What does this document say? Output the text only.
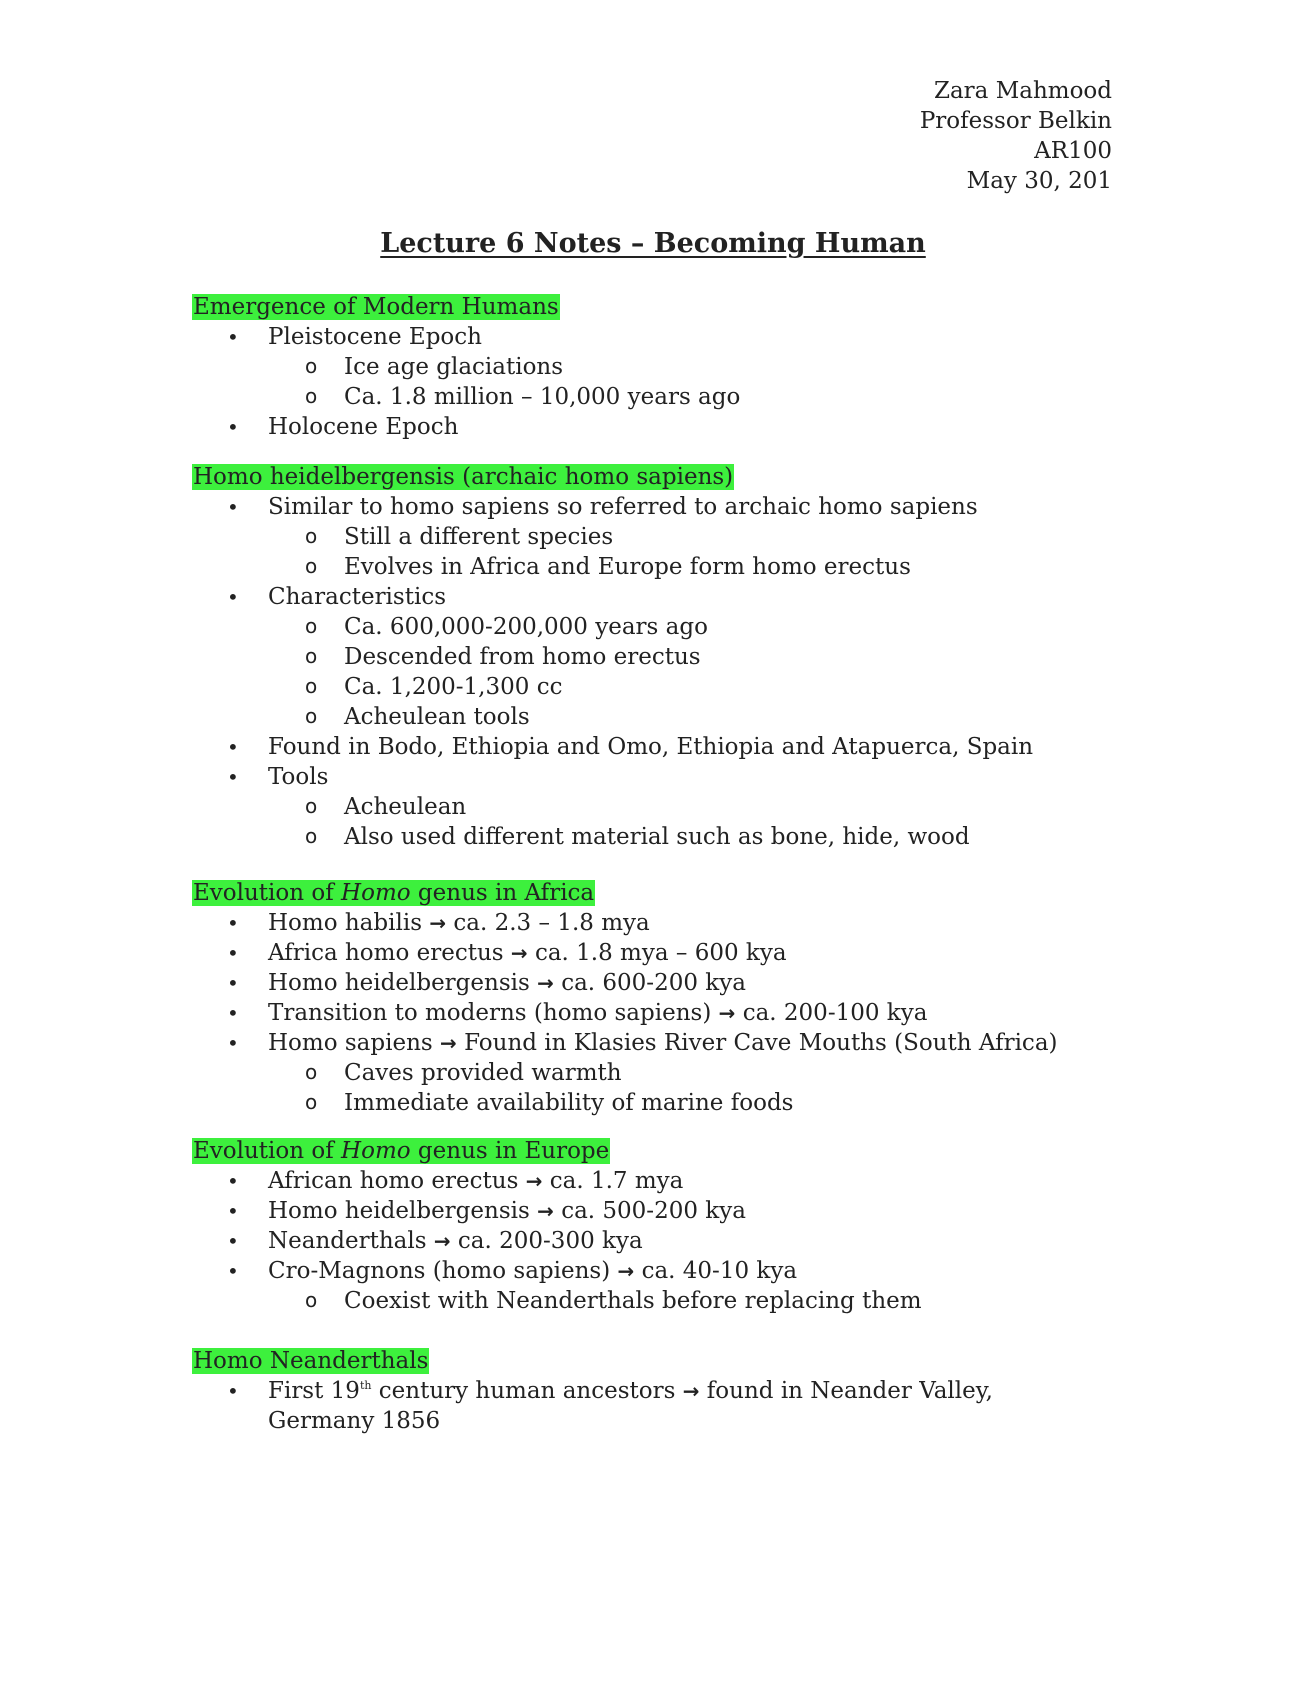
Zara Mahmood
Professor Belkin
AR100
May 30, 201
Lecture 6 Notes – Becoming Human
Emergence of Modern Humans
• Pleistocene Epoch
o Ice age glaciations
o Ca. 1.8 million – 10,000 years ago
• Holocene Epoch
Homo heidelbergensis (archaic homo sapiens)
• Similar to homo sapiens so referred to archaic homo sapiens
o Still a different species
o Evolves in Africa and Europe form homo erectus
• Characteristics
o Ca. 600,000-200,000 years ago
o Descended from homo erectus
o Ca. 1,200-1,300 cc
o Acheulean tools
• Found in Bodo, Ethiopia and Omo, Ethiopia and Atapuerca, Spain
• Tools
o Acheulean
o Also used different material such as bone, hide, wood
Evolution of Homo genus in Africa
• Homo habilis → ca. 2.3 – 1.8 mya
• Africa homo erectus → ca. 1.8 mya – 600 kya
• Homo heidelbergensis → ca. 600-200 kya
• Transition to moderns (homo sapiens) → ca. 200-100 kya
• Homo sapiens → Found in Klasies River Cave Mouths (South Africa)
o Caves provided warmth
o Immediate availability of marine foods
Evolution of Homo genus in Europe
• African homo erectus → ca. 1.7 mya
• Homo heidelbergensis → ca. 500-200 kya
• Neanderthals → ca. 200-300 kya
• Cro-Magnons (homo sapiens) → ca. 40-10 kya
o Coexist with Neanderthals before replacing them
Homo Neanderthals
• First 19th century human ancestors → found in Neander Valley, Germany 1856
